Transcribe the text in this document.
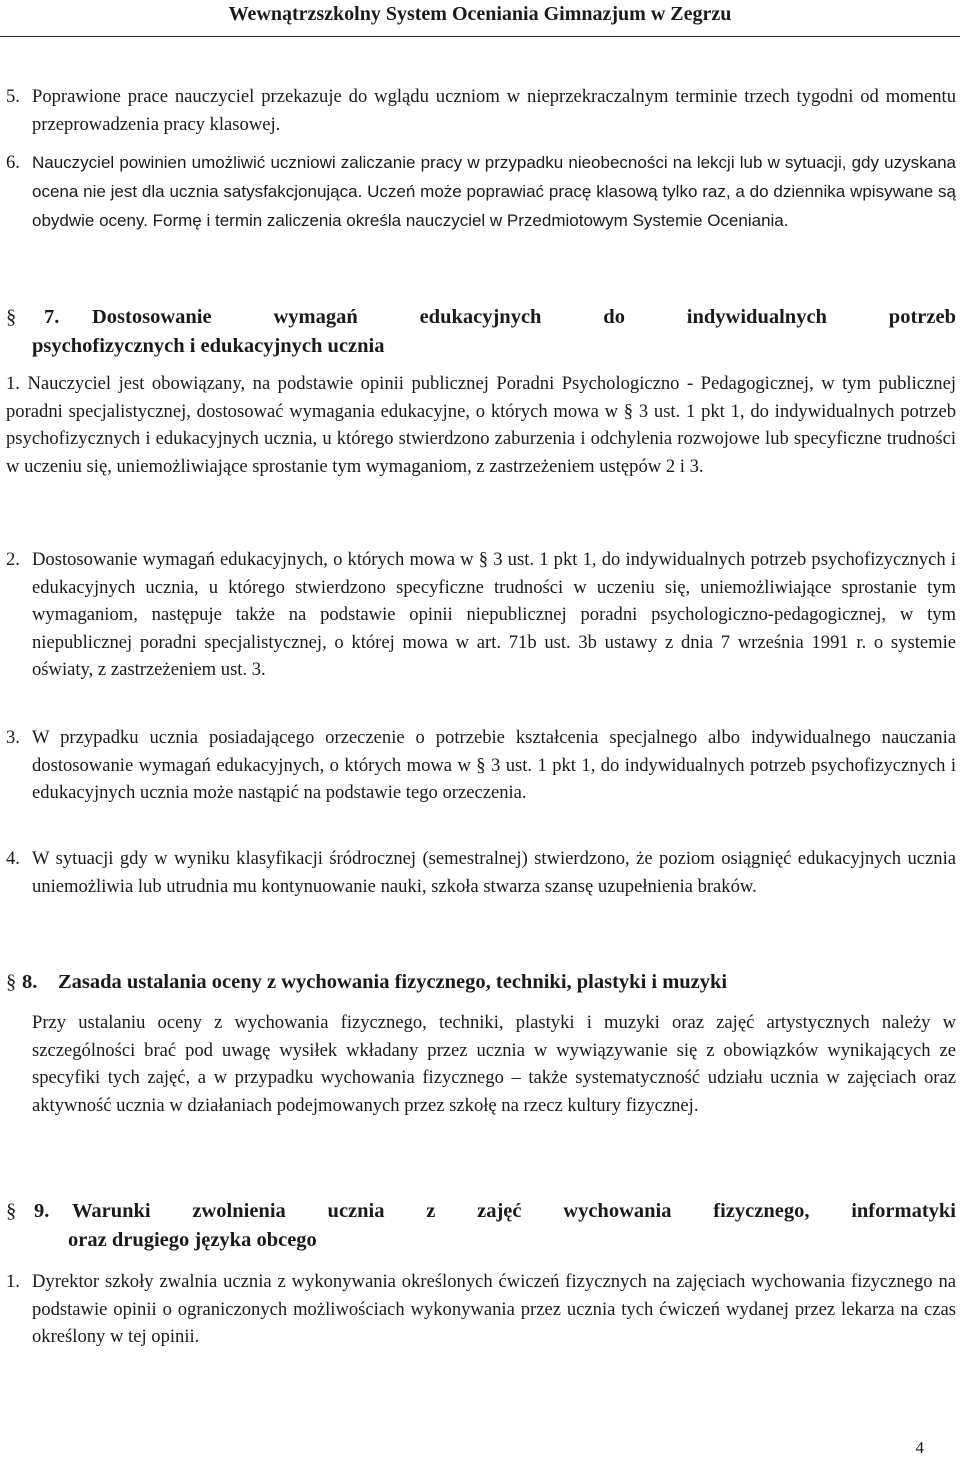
Wewnątrzszkolny System Oceniania Gimnazjum w Zegrzu
5. Poprawione prace nauczyciel przekazuje do wglądu uczniom w nieprzekraczalnym terminie trzech tygodni od momentu przeprowadzenia pracy klasowej.
6. Nauczyciel powinien umożliwić uczniowi zaliczanie pracy w przypadku nieobecności na lekcji lub w sytuacji, gdy uzyskana ocena nie jest dla ucznia satysfakcjonująca. Uczeń może poprawiać pracę klasową tylko raz, a do dziennika wpisywane są obydwie oceny. Formę i termin zaliczenia określa nauczyciel w Przedmiotowym Systemie Oceniania.
§ 7. Dostosowanie wymagań edukacyjnych do indywidualnych potrzeb
psychofizycznych i edukacyjnych ucznia
1. Nauczyciel jest obowiązany, na podstawie opinii publicznej Poradni Psychologiczno - Pedagogicznej, w tym publicznej poradni specjalistycznej, dostosować wymagania edukacyjne, o których mowa w § 3 ust. 1 pkt 1, do indywidualnych potrzeb psychofizycznych i edukacyjnych ucznia, u którego stwierdzono zaburzenia i odchylenia rozwojowe lub specyficzne trudności w uczeniu się, uniemożliwiające sprostanie tym wymaganiom, z zastrzeżeniem ustępów 2 i 3.
2. Dostosowanie wymagań edukacyjnych, o których mowa w § 3 ust. 1 pkt 1, do indywidualnych potrzeb psychofizycznych i edukacyjnych ucznia, u którego stwierdzono specyficzne trudności w uczeniu się, uniemożliwiające sprostanie tym wymaganiom, następuje także na podstawie opinii niepublicznej poradni psychologiczno-pedagogicznej, w tym niepublicznej poradni specjalistycznej, o której mowa w art. 71b ust. 3b ustawy z dnia 7 września 1991 r. o systemie oświaty, z zastrzeżeniem ust. 3.
3. W przypadku ucznia posiadającego orzeczenie o potrzebie kształcenia specjalnego albo indywidualnego nauczania dostosowanie wymagań edukacyjnych, o których mowa w § 3 ust. 1 pkt 1, do indywidualnych potrzeb psychofizycznych i edukacyjnych ucznia może nastąpić na podstawie tego orzeczenia.
4. W sytuacji gdy w wyniku klasyfikacji śródrocznej (semestralnej) stwierdzono, że poziom osiągnięć edukacyjnych ucznia uniemożliwia lub utrudnia mu kontynuowanie nauki, szkoła stwarza szansę uzupełnienia braków.
§ 8. Zasada ustalania oceny z wychowania fizycznego, techniki, plastyki i muzyki
Przy ustalaniu oceny z wychowania fizycznego, techniki, plastyki i muzyki oraz zajęć artystycznych należy w szczególności brać pod uwagę wysiłek wkładany przez ucznia w wywiązywanie się z obowiązków wynikających ze specyfiki tych zajęć, a w przypadku wychowania fizycznego – także systematyczność udziału ucznia w zajęciach oraz aktywność ucznia w działaniach podejmowanych przez szkołę na rzecz kultury fizycznej.
§ 9. Warunki zwolnienia ucznia z zajęć wychowania fizycznego, informatyki
oraz drugiego języka obcego
1. Dyrektor szkoły zwalnia ucznia z wykonywania określonych ćwiczeń fizycznych na zajęciach wychowania fizycznego na podstawie opinii o ograniczonych możliwościach wykonywania przez ucznia tych ćwiczeń wydanej przez lekarza na czas określony w tej opinii.
4
